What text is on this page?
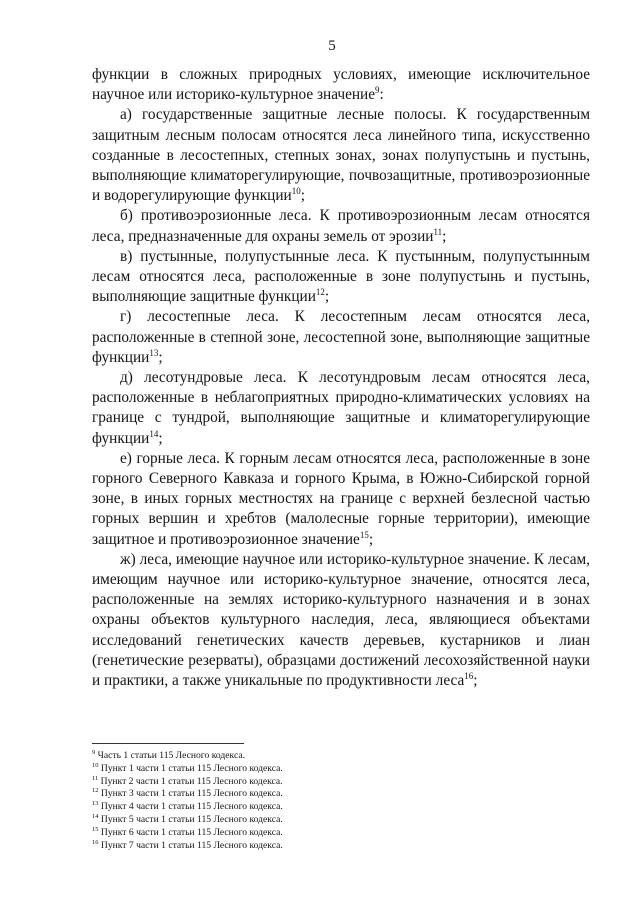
5

функции в сложных природных условиях, имеющие исключительное научное или историко-культурное значение$^9$:

а) государственные защитные лесные полосы. К государственным защитным лесным полосам относятся леса линейного типа, искусственно созданные в лесостепных, степных зонах, зонах полупустынь и пустынь, выполняющие климаторегулирующие, почвозащитные, противоэрозионные и водорегулирующие функции$^{10}$;

б) противоэрозионные леса. К противоэрозионным лесам относятся леса, предназначенные для охраны земель от эрозии$^{11}$;

в) пустынные, полупустынные леса. К пустынным, полупустынным лесам относятся леса, расположенные в зоне полупустынь и пустынь, выполняющие защитные функции$^{12}$;

г) лесостепные леса. К лесостепным лесам относятся леса, расположенные в степной зоне, лесостепной зоне, выполняющие защитные функции$^{13}$;

д) лесотундровые леса. К лесотундровым лесам относятся леса, расположенные в неблагоприятных природно-климатических условиях на границе с тундрой, выполняющие защитные и климаторегулирующие функции$^{14}$;

е) горные леса. К горным лесам относятся леса, расположенные в зоне горного Северного Кавказа и горного Крыма, в Южно-Сибирской горной зоне, в иных горных местностях на границе с верхней безлесной частью горных вершин и хребтов (малолесные горные территории), имеющие защитное и противоэрозионное значение$^{15}$;

ж) леса, имеющие научное или историко-культурное значение. К лесам, имеющим научное или историко-культурное значение, относятся леса, расположенные на землях историко-культурного назначения и в зонах охраны объектов культурного наследия, леса, являющиеся объектами исследований генетических качеств деревьев, кустарников и лиан (генетические резерваты), образцами достижений лесохозяйственной науки и практики, а также уникальные по продуктивности леса$^{16}$;

$^9$ Часть 1 статьи 115 Лесного кодекса.
$^{10}$ Пункт 1 части 1 статьи 115 Лесного кодекса.
$^{11}$ Пункт 2 части 1 статьи 115 Лесного кодекса.
$^{12}$ Пункт 3 части 1 статьи 115 Лесного кодекса.
$^{13}$ Пункт 4 части 1 статьи 115 Лесного кодекса.
$^{14}$ Пункт 5 части 1 статьи 115 Лесного кодекса.
$^{15}$ Пункт 6 части 1 статьи 115 Лесного кодекса.
$^{16}$ Пункт 7 части 1 статьи 115 Лесного кодекса.
